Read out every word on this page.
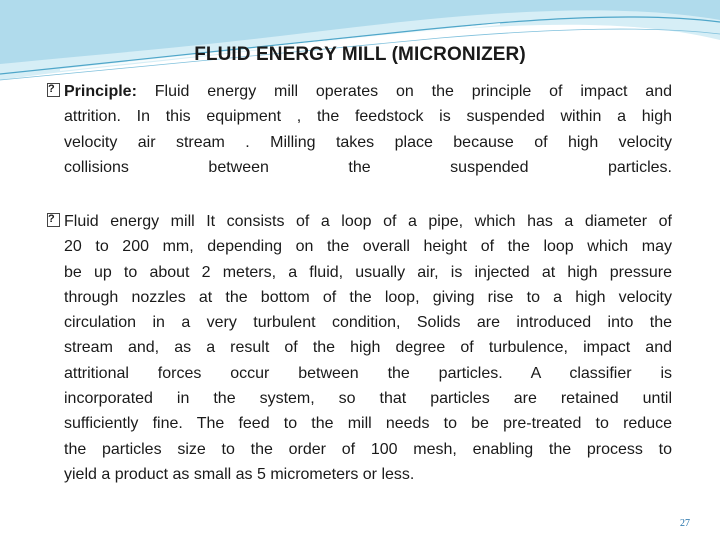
FLUID ENERGY MILL (MICRONIZER)
? Principle: Fluid energy mill operates on the principle of impact and
attrition. In this equipment , the feedstock is suspended within a high
velocity air stream . Milling takes place because of high velocity
collisions between the suspended particles.
? Fluid energy mill It consists of a loop of a pipe, which has a diameter of
20 to 200 mm, depending on the overall height of the loop which may
be up to about 2 meters, a fluid, usually air, is injected at high pressure
through nozzles at the bottom of the loop, giving rise to a high velocity
circulation in a very turbulent condition, Solids are introduced into the
stream and, as a result of the high degree of turbulence, impact and
attritional forces occur between the particles. A classifier is
incorporated in the system, so that particles are retained until
sufficiently fine. The feed to the mill needs to be pre-treated to reduce
the particles size to the order of 100 mesh, enabling the process to
yield a product as small as 5 micrometers or less.
27
